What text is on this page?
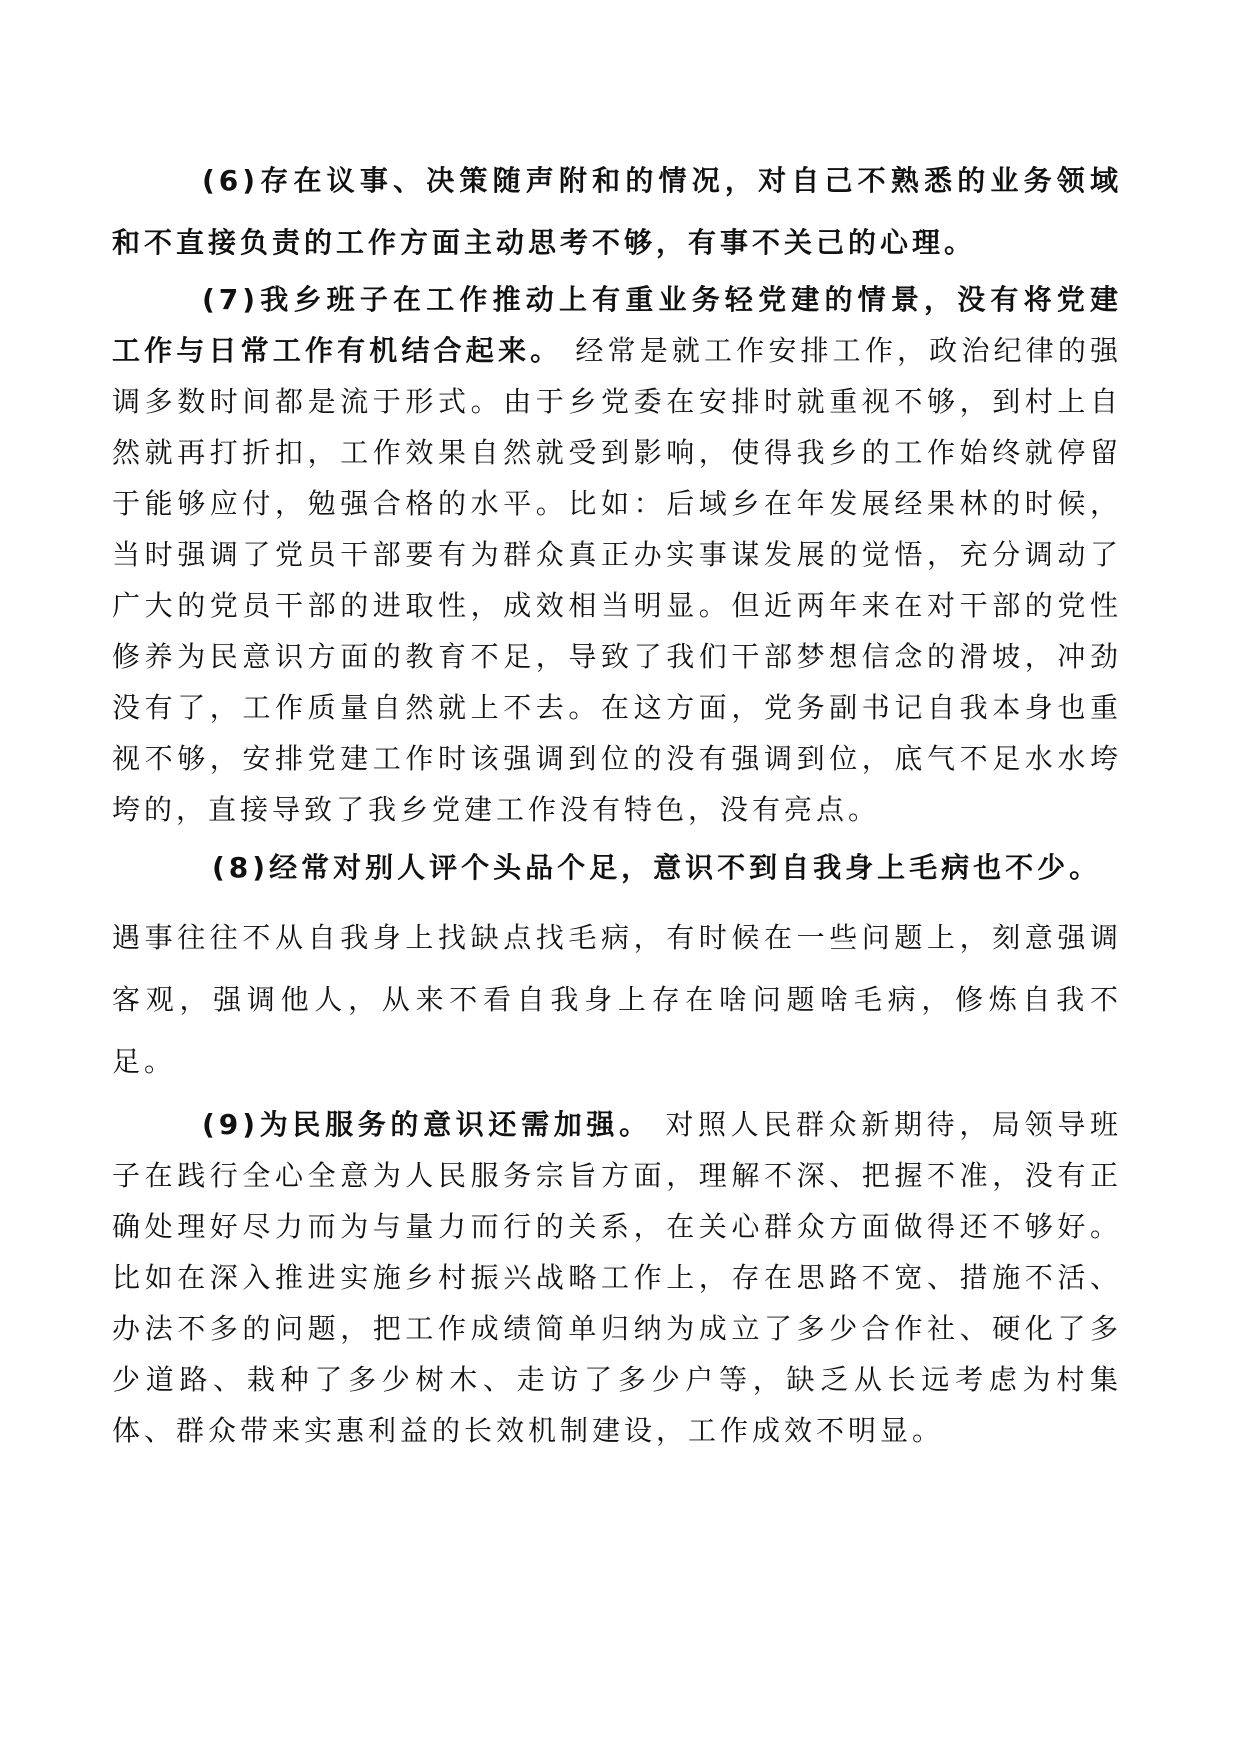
(6)存在议事、决策随声附和的情况，对自己不熟悉的业务领域和不直接负责的工作方面主动思考不够，有事不关己的心理。

(7)我乡班子在工作推动上有重业务轻党建的情景，没有将党建工作与日常工作有机结合起来。 经常是就工作安排工作，政治纪律的强调多数时间都是流于形式。由于乡党委在安排时就重视不够，到村上自然就再打折扣，工作效果自然就受到影响，使得我乡的工作始终就停留于能够应付，勉强合格的水平。比如：后域乡在年发展经果林的时候，当时强调了党员干部要有为群众真正办实事谋发展的觉悟，充分调动了广大的党员干部的进取性，成效相当明显。但近两年来在对干部的党性修养为民意识方面的教育不足，导致了我们干部梦想信念的滑坡，冲劲没有了，工作质量自然就上不去。在这方面，党务副书记自我本身也重视不够，安排党建工作时该强调到位的没有强调到位，底气不足水水垮垮的，直接导致了我乡党建工作没有特色，没有亮点。

(8)经常对别人评个头品个足，意识不到自我身上毛病也不少。

遇事往往不从自我身上找缺点找毛病，有时候在一些问题上，刻意强调客观，强调他人，从来不看自我身上存在啥问题啥毛病，修炼自我不足。

(9)为民服务的意识还需加强。 对照人民群众新期待，局领导班子在践行全心全意为人民服务宗旨方面，理解不深、把握不准，没有正确处理好尽力而为与量力而行的关系，在关心群众方面做得还不够好。比如在深入推进实施乡村振兴战略工作上，存在思路不宽、措施不活、办法不多的问题，把工作成绩简单归纳为成立了多少合作社、硬化了多少道路、栽种了多少树木、走访了多少户等，缺乏从长远考虑为村集体、群众带来实惠利益的长效机制建设，工作成效不明显。
